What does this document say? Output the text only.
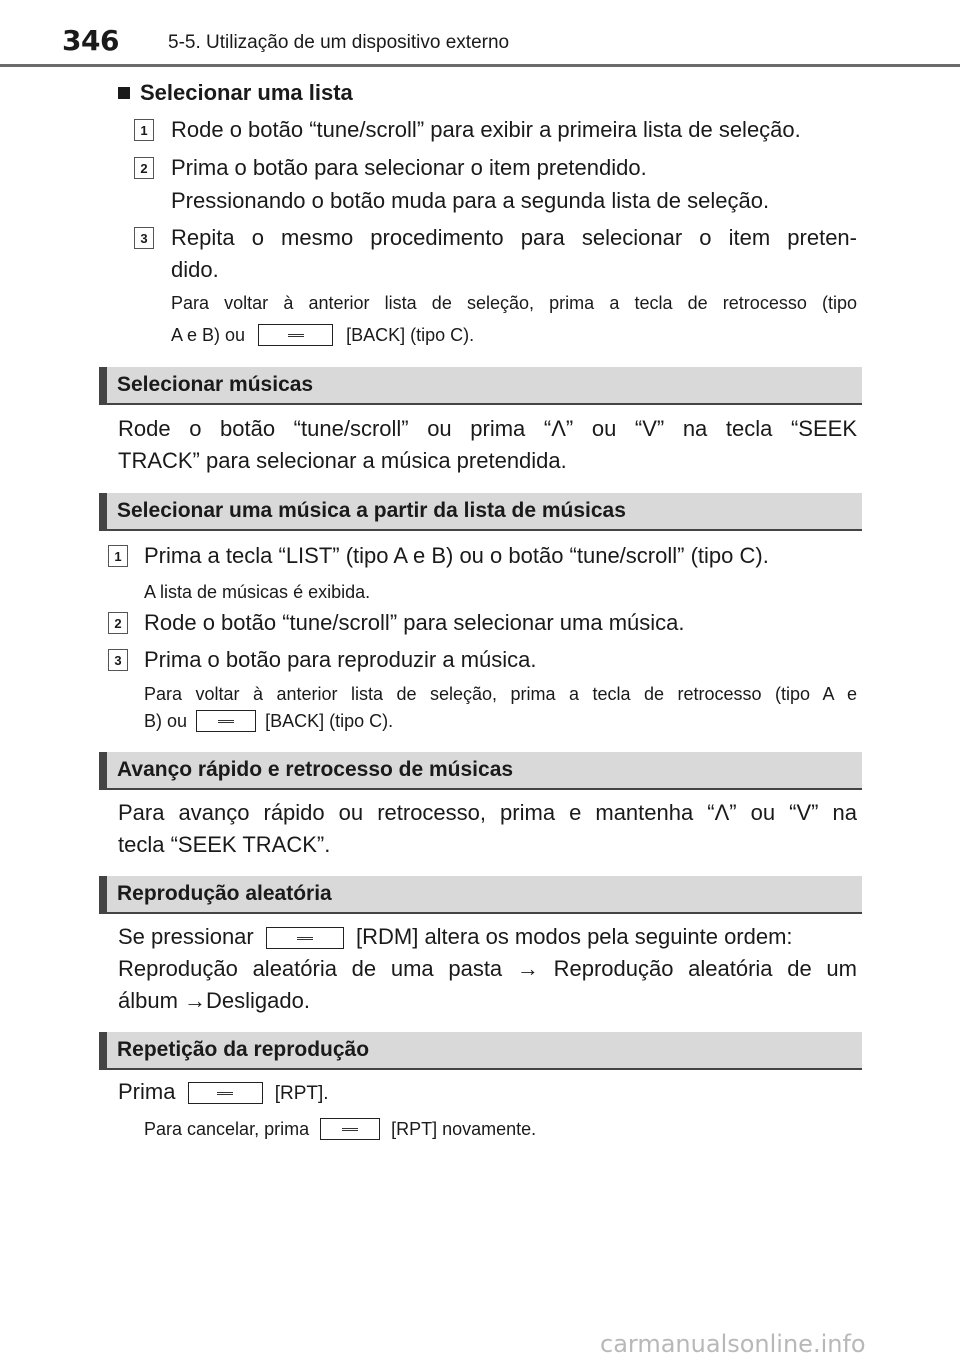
346	5-5. Utilização de um dispositivo externo
Selecionar uma lista
1 Rode o botão “tune/scroll” para exibir a primeira lista de seleção.
2 Prima o botão para selecionar o item pretendido.
Pressionando o botão muda para a segunda lista de seleção.
3 Repita o mesmo procedimento para selecionar o item preten-
dido.
Para voltar à anterior lista de seleção, prima a tecla de retrocesso (tipo
A e B) ou	[BACK] (tipo C).
Selecionar músicas
Rode o botão “tune/scroll” ou prima “Λ” ou “V” na tecla “SEEK
TRACK” para selecionar a música pretendida.
Selecionar uma música a partir da lista de músicas
1 Prima a tecla “LIST” (tipo A e B) ou o botão “tune/scroll” (tipo C).
A lista de músicas é exibida.
2 Rode o botão “tune/scroll” para selecionar uma música.
3 Prima o botão para reproduzir a música.
Para voltar à anterior lista de seleção, prima a tecla de retrocesso (tipo A e
B) ou	[BACK] (tipo C).
Avanço rápido e retrocesso de músicas
Para avanço rápido ou retrocesso, prima e mantenha “Λ” ou “V” na
tecla “SEEK TRACK”.
Reprodução aleatória
Se pressionar	[RDM] altera os modos pela seguinte ordem:
Reprodução aleatória de uma pasta → Reprodução aleatória de um
álbum →Desligado.
Repetição da reprodução
Prima	[RPT].
Para cancelar, prima	[RPT] novamente.
carmanualsonline.info
